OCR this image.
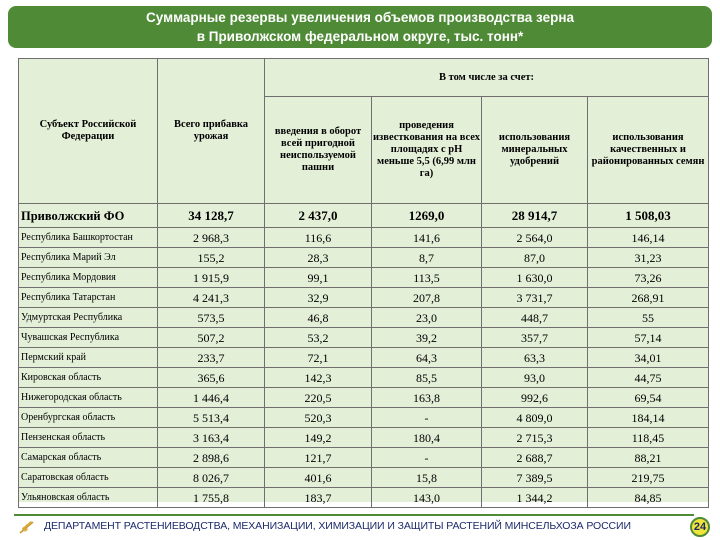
Суммарные резервы увеличения объемов производства зерна
в Приволжском федеральном округе, тыс. тонн*
Субъект Российской Федерации	Всего прибавка урожая	В том числе за счет:			
		введения в оборот всей пригодной неиспользуемой пашни	проведения известкования на всех площадях с рН меньше 5,5 (6,99 млн га)	использования минеральных удобрений	использования качественных и районированных семян
Приволжский ФО	34 128,7	2 437,0	1269,0	28 914,7	1 508,03
Республика Башкортостан	2 968,3	116,6	141,6	2 564,0	146,14
Республика Марий Эл	155,2	28,3	8,7	87,0	31,23
Республика Мордовия	1 915,9	99,1	113,5	1 630,0	73,26
Республика Татарстан	4 241,3	32,9	207,8	3 731,7	268,91
Удмуртская Республика	573,5	46,8	23,0	448,7	55
Чувашская Республика	507,2	53,2	39,2	357,7	57,14
Пермский край	233,7	72,1	64,3	63,3	34,01
Кировская область	365,6	142,3	85,5	93,0	44,75
Нижегородская область	1 446,4	220,5	163,8	992,6	69,54
Оренбургская область	5 513,4	520,3	-	4 809,0	184,14
Пензенская область	3 163,4	149,2	180,4	2 715,3	118,45
Самарская область	2 898,6	121,7	-	2 688,7	88,21
Саратовская область	8 026,7	401,6	15,8	7 389,5	219,75
Ульяновская область	1 755,8	183,7	143,0	1 344,2	84,85
ДЕПАРТАМЕНТ РАСТЕНИЕВОДСТВА, МЕХАНИЗАЦИИ, ХИМИЗАЦИИ И ЗАЩИТЫ РАСТЕНИЙ МИНСЕЛЬХОЗА РОССИИ	24
